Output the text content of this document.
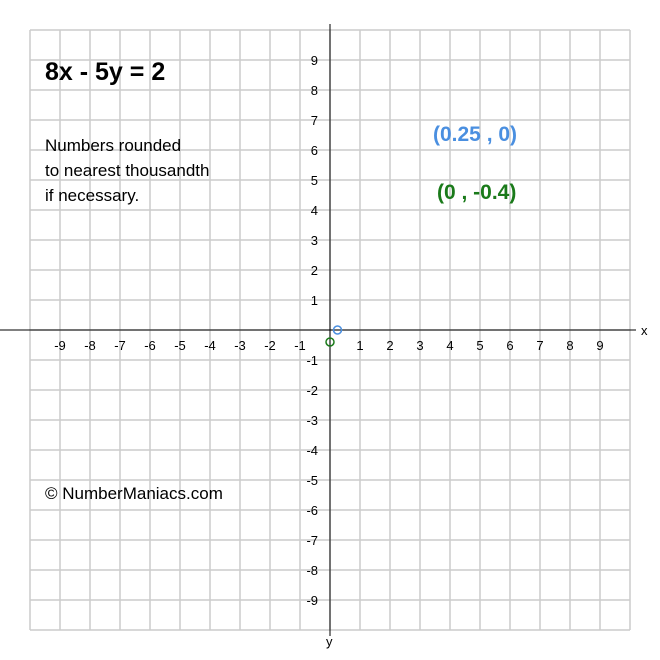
x
y
-9 -8 -7 -6 -5 -4 -3 -2 -1	1 2 3 4 5 6 7 8 9
-9
-8
-7
-6
-5
-4
-3
-2
-1
1
2
3
4
5
6
7
8
9
8x - 5y = 2
Numbers rounded
to nearest thousandth
if necessary.
(0.25 , 0)
(0 , -0.4)
© NumberManiacs.com
